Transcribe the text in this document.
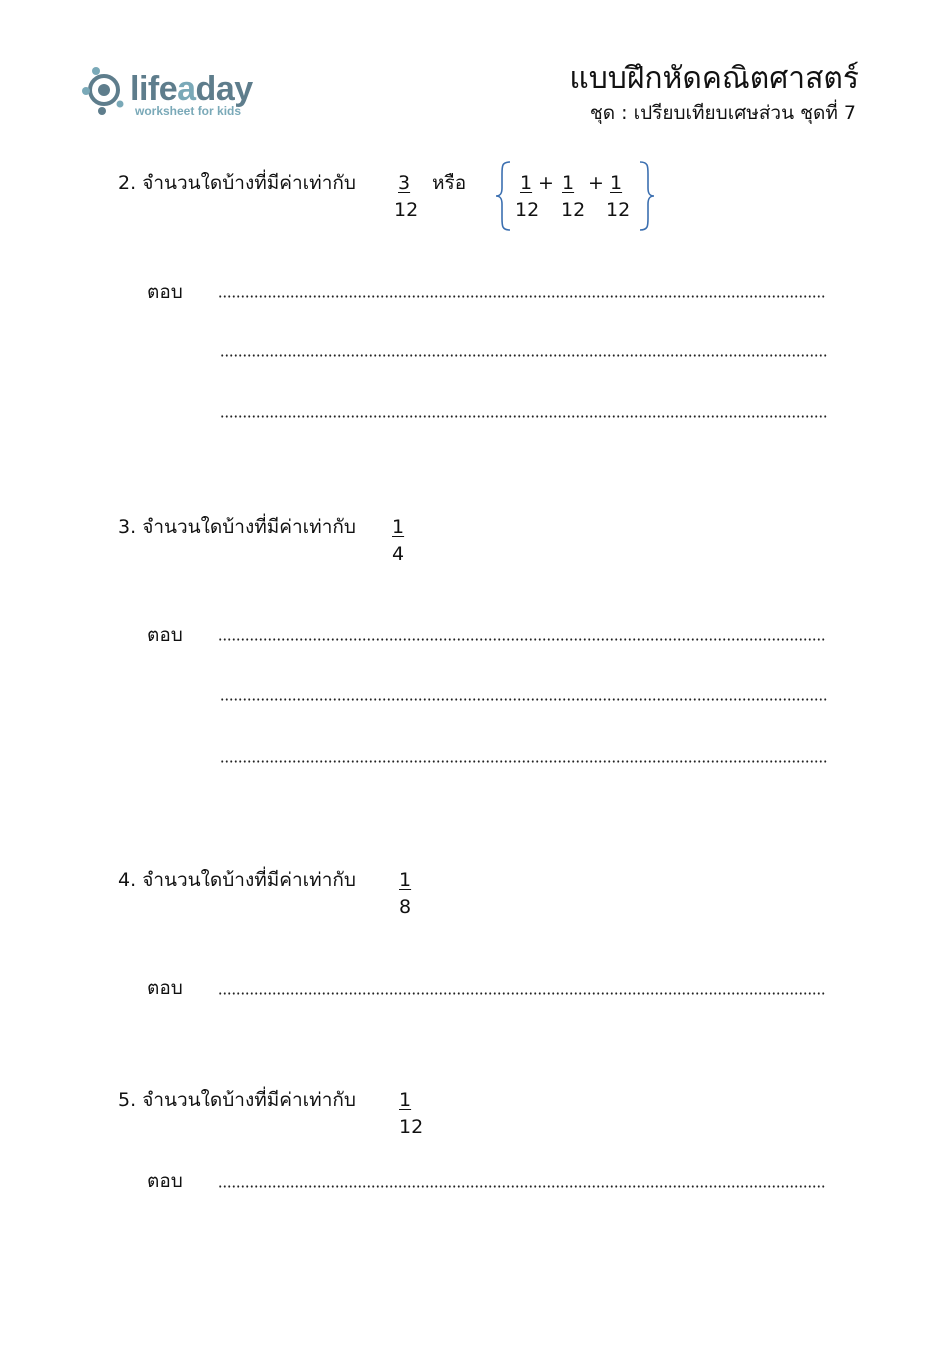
lifeaday
worksheet for kids
แบบฝึกหัดคณิตศาสตร์
ชุด : เปรียบเทียบเศษส่วน ชุดที่ 7
2. จำนวนใดบ้างที่มีค่าเท่ากับ 3
12
หรือ	1 + 1 + 1
12 12 12
ตอบ
3. จำนวนใดบ้างที่มีค่าเท่ากับ 1
4
ตอบ
4. จำนวนใดบ้างที่มีค่าเท่ากับ 1
8
ตอบ
5. จำนวนใดบ้างที่มีค่าเท่ากับ 1
12
ตอบ
